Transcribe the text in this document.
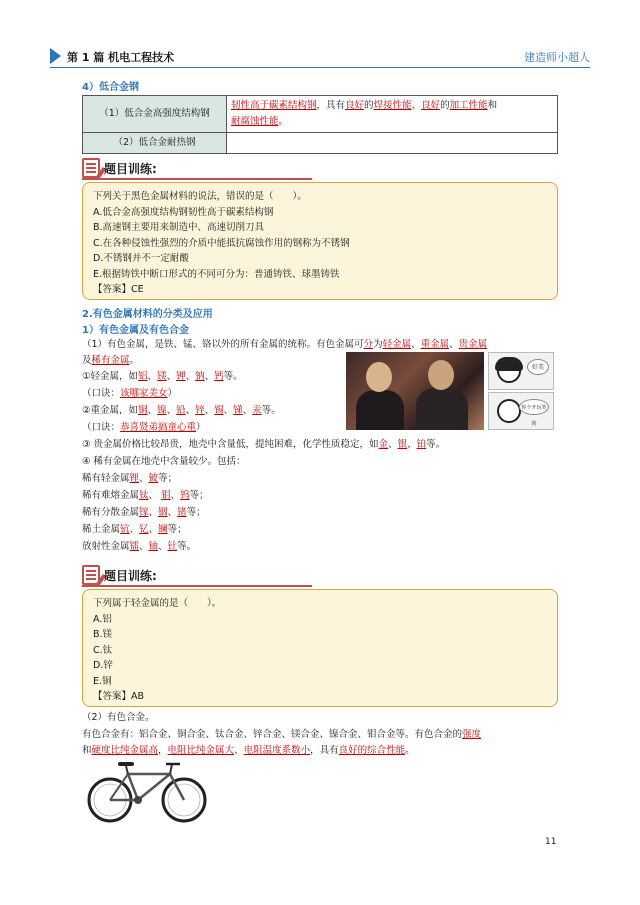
第 1 篇 机电工程技术	建造师小超人
4）低合金钢
（1）低合金高强度结构钢	韧性高于碳素结构钢，具有良好的焊接性能、良好的加工性能和
耐腐蚀性能。
（2）低合金耐热钢	
题目训练:
下列关于黑色金属材料的说法，错误的是（　　）。
A.低合金高强度结构钢韧性高于碳素结构钢
B.高速钢主要用来制造中、高速切削刀具
C.在各种侵蚀性强烈的介质中能抵抗腐蚀作用的钢称为不锈钢
D.不锈钢并不一定耐酸
E.根据铸铁中断口形式的不同可分为：普通铸铁、球墨铸铁
【答案】CE
2.有色金属材料的分类及应用
1）有色金属及有色合金
（1）有色金属，是铁、锰、铬以外的所有金属的统称。有色金属可分为轻金属、重金属、贵金属
及稀有金属。
①轻金属，如铝、镁、钾、钠、钙等。
（口诀：该哪家美女）
②重金属，如铜、镍、铅、锌、锡、锑、汞等。
（口诀：恭喜贤弟搞童心重）
好美
你个开玩笑的
③ 贵金属价格比较昂贵，地壳中含量低，提纯困难，化学性质稳定，如金、银、铂等。
④ 稀有金属在地壳中含量较少。包括：
稀有轻金属锂、铍等；
稀有难熔金属钛、 钼、钨等；
稀有分散金属镓、铟、锗等；
稀土金属钪、钇、镧等；
放射性金属镭、铀、钍等。
题目训练:
下列属于轻金属的是（　　）。
A.铝
B.镁
C.钛
D.锌
E.铜
【答案】AB
（2）有色合金。
有色合金有：铝合金、铜合金、钛合金、锌合金、镁合金、镍合金、钼合金等。有色合金的强度
和硬度比纯金属高，电阻比纯金属大、电阻温度系数小，具有良好的综合性能。
11
